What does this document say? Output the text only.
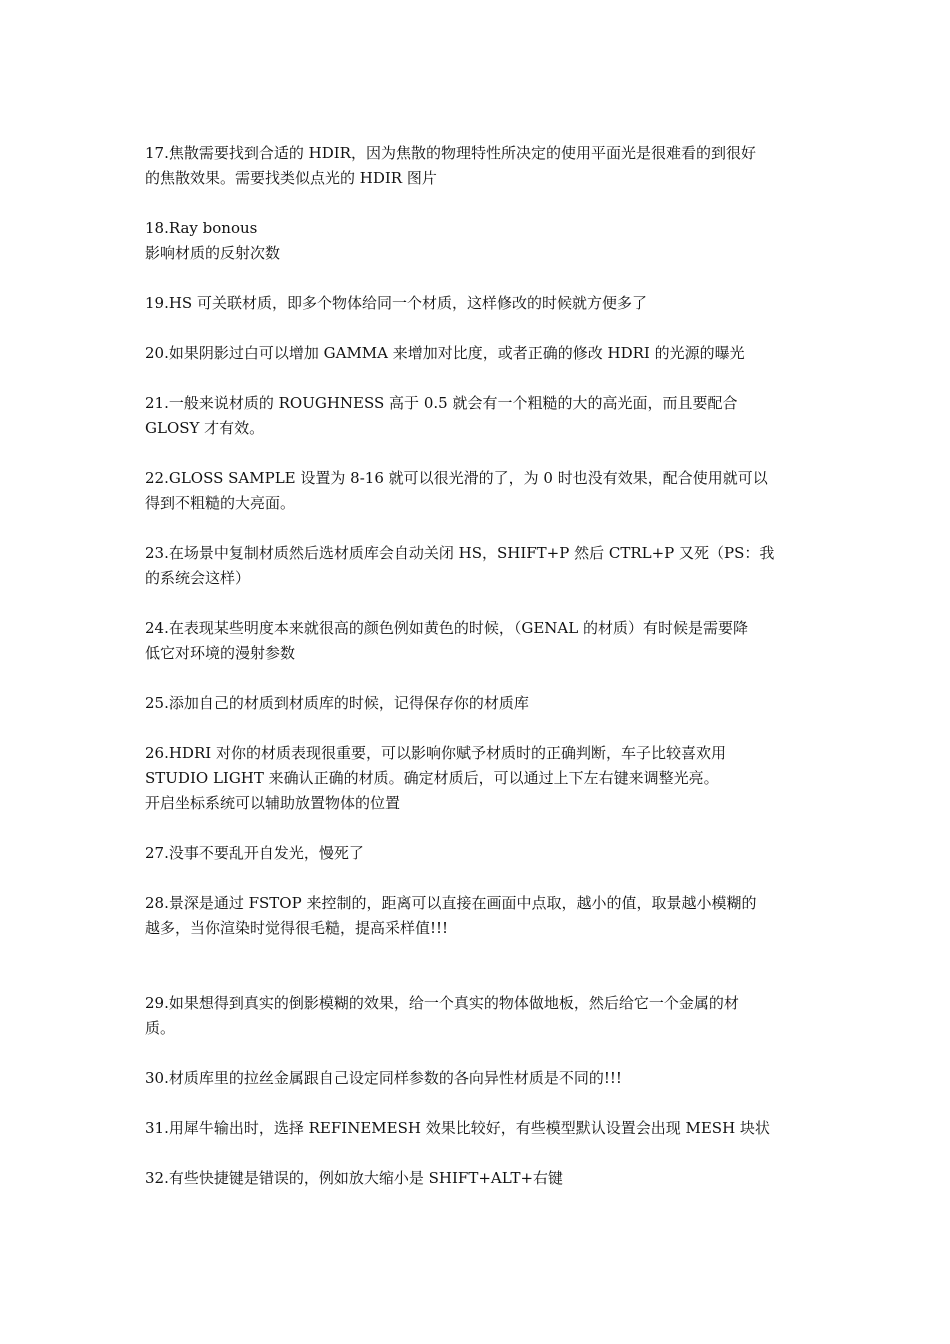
17.焦散需要找到合适的 HDIR，因为焦散的物理特性所决定的使用平面光是很难看的到很好
的焦散效果。需要找类似点光的 HDIR 图片

18.Ray bonous
影响材质的反射次数

19.HS 可关联材质，即多个物体给同一个材质，这样修改的时候就方便多了

20.如果阴影过白可以增加 GAMMA 来增加对比度，或者正确的修改 HDRI 的光源的曝光

21.一般来说材质的 ROUGHNESS 高于 0.5 就会有一个粗糙的大的高光面，而且要配合
GLOSY 才有效。

22.GLOSS SAMPLE 设置为 8-16 就可以很光滑的了，为 0 时也没有效果，配合使用就可以
得到不粗糙的大亮面。

23.在场景中复制材质然后选材质库会自动关闭 HS，SHIFT+P 然后 CTRL+P 又死（PS：我
的系统会这样）

24.在表现某些明度本来就很高的颜色例如黄色的时候，（GENAL 的材质）有时候是需要降
低它对环境的漫射参数

25.添加自己的材质到材质库的时候，记得保存你的材质库

26.HDRI 对你的材质表现很重要，可以影响你赋予材质时的正确判断，车子比较喜欢用
STUDIO LIGHT 来确认正确的材质。确定材质后，可以通过上下左右键来调整光亮。
开启坐标系统可以辅助放置物体的位置

27.没事不要乱开自发光，慢死了

28.景深是通过 FSTOP 来控制的，距离可以直接在画面中点取，越小的值，取景越小模糊的
越多，当你渲染时觉得很毛糙，提高采样值!!!

29.如果想得到真实的倒影模糊的效果，给一个真实的物体做地板，然后给它一个金属的材
质。

30.材质库里的拉丝金属跟自己设定同样参数的各向异性材质是不同的!!!

31.用犀牛输出时，选择 REFINEMESH 效果比较好，有些模型默认设置会出现 MESH 块状

32.有些快捷键是错误的，例如放大缩小是 SHIFT+ALT+右键
